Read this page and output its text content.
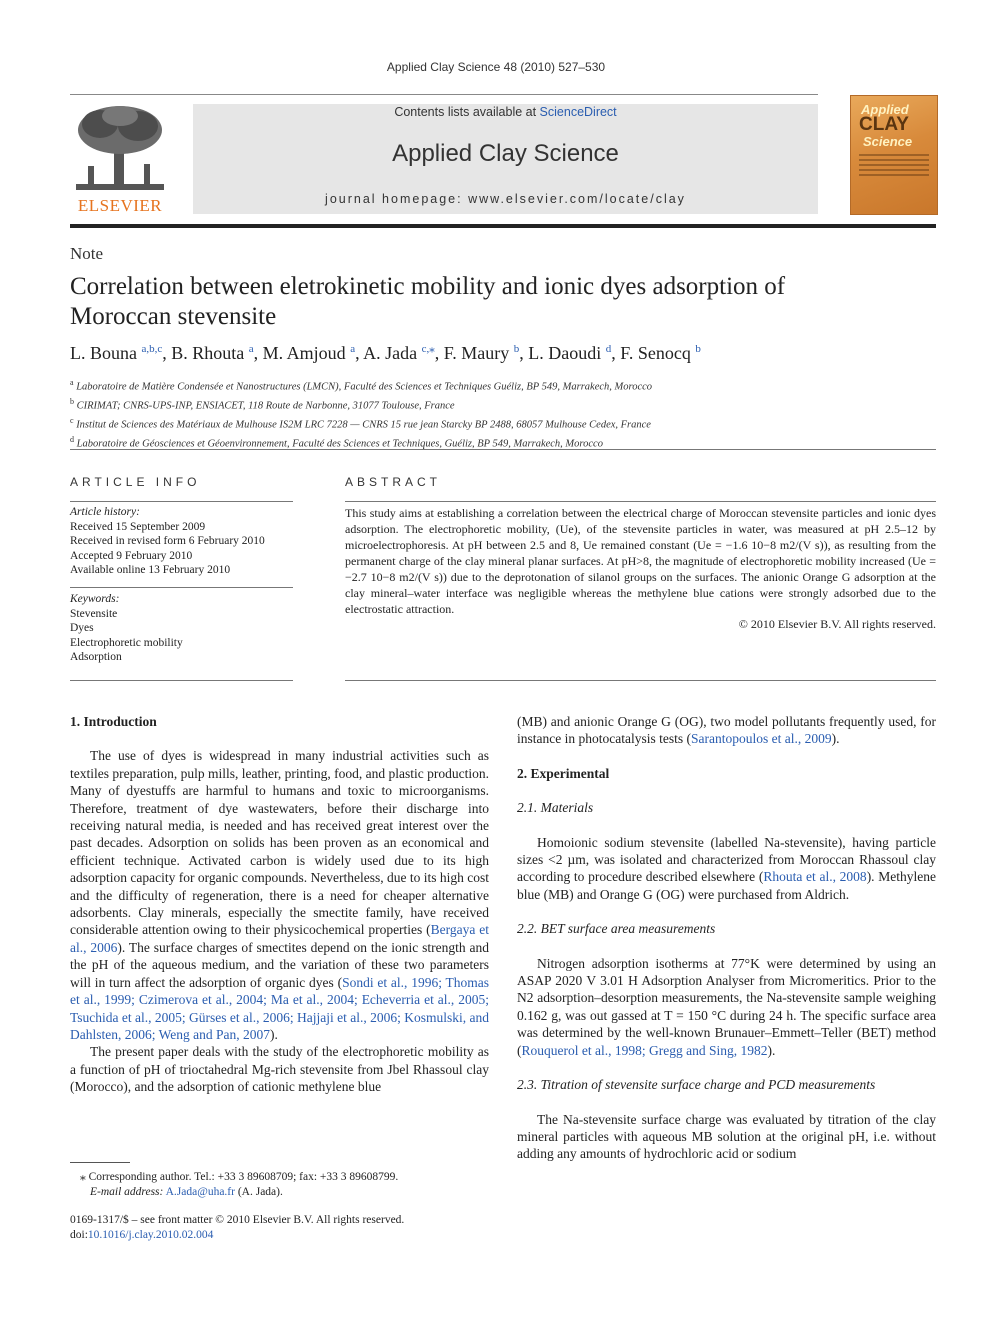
Applied Clay Science 48 (2010) 527–530
ELSEVIER
Contents lists available at ScienceDirect
Applied Clay Science
journal homepage: www.elsevier.com/locate/clay
Applied
CLAY
Science
Note
Correlation between eletrokinetic mobility and ionic dyes adsorption of Moroccan stevensite
L. Bouna $^{a,b,c}$, B. Rhouta $^a$, M. Amjoud $^a$, A. Jada $^{c,⁎}$, F. Maury $^b$, L. Daoudi $^d$, F. Senocq $^b$
$^a$ Laboratoire de Matière Condensée et Nanostructures (LMCN), Faculté des Sciences et Techniques Guéliz, BP 549, Marrakech, Morocco
$^b$ CIRIMAT; CNRS-UPS-INP, ENSIACET, 118 Route de Narbonne, 31077 Toulouse, France
$^c$ Institut de Sciences des Matériaux de Mulhouse IS2M LRC 7228 — CNRS 15 rue jean Starcky BP 2488, 68057 Mulhouse Cedex, France
$^d$ Laboratoire de Géosciences et Géoenvironnement, Faculté des Sciences et Techniques, Guéliz, BP 549, Marrakech, Morocco
ARTICLE INFO
Article history:
Received 15 September 2009
Received in revised form 6 February 2010
Accepted 9 February 2010
Available online 13 February 2010
Keywords:
Stevensite
Dyes
Electrophoretic mobility
Adsorption
ABSTRACT
This study aims at establishing a correlation between the electrical charge of Moroccan stevensite particles and ionic dyes adsorption. The electrophoretic mobility, (Ue), of the stevensite particles in water, was measured at pH 2.5–12 by microelectrophoresis. At pH between 2.5 and 8, Ue remained constant (Ue = −1.6 10−8 m2/(V s)), as resulting from the permanent charge of the clay mineral planar surfaces. At pH>8, the magnitude of electrophoretic mobility increased (Ue = −2.7 10−8 m2/(V s)) due to the deprotonation of silanol groups on the surfaces. The anionic Orange G adsorption at the clay mineral–water interface was negligible whereas the methylene blue cations were strongly adsorbed due to the electrostatic attraction.
© 2010 Elsevier B.V. All rights reserved.
1. Introduction

The use of dyes is widespread in many industrial activities such as textiles preparation, pulp mills, leather, printing, food, and plastic production. Many of dyestuffs are harmful to humans and toxic to microorganisms. Therefore, treatment of dye wastewaters, before their discharge into receiving natural media, is needed and has received great interest over the past decades. Adsorption on solids has been proven as an economical and efficient technique. Activated carbon is widely used due to its high adsorption capacity for organic compounds. Nevertheless, due to its high cost and the difficulty of regeneration, there is a need for cheaper alternative adsorbents. Clay minerals, especially the smectite family, have received considerable attention owing to their physicochemical properties (Bergaya et al., 2006). The surface charges of smectites depend on the ionic strength and the pH of the aqueous medium, and the variation of these two parameters will in turn affect the adsorption of organic dyes (Sondi et al., 1996; Thomas et al., 1999; Czimerova et al., 2004; Ma et al., 2004; Echeverria et al., 2005; Tsuchida et al., 2005; Gürses et al., 2006; Hajjaji et al., 2006; Kosmulski, and Dahlsten, 2006; Weng and Pan, 2007).

The present paper deals with the study of the electrophoretic mobility as a function of pH of trioctahedral Mg-rich stevensite from Jbel Rhassoul clay (Morocco), and the adsorption of cationic methylene blue

(MB) and anionic Orange G (OG), two model pollutants frequently used, for instance in photocatalysis tests (Sarantopoulos et al., 2009).

2. Experimental
2.1. Materials

Homoionic sodium stevensite (labelled Na-stevensite), having particle sizes <2 µm, was isolated and characterized from Moroccan Rhassoul clay according to procedure described elsewhere (Rhouta et al., 2008). Methylene blue (MB) and Orange G (OG) were purchased from Aldrich.

2.2. BET surface area measurements

Nitrogen adsorption isotherms at 77°K were determined by using an ASAP 2020 V 3.01 H Adsorption Analyser from Micromeritics. Prior to the N2 adsorption–desorption measurements, the Na-stevensite sample weighing 0.162 g, was out gassed at T = 150 °C during 24 h. The specific surface area was determined by the well-known Brunauer–Emmett–Teller (BET) method (Rouquerol et al., 1998; Gregg and Sing, 1982).

2.3. Titration of stevensite surface charge and PCD measurements

The Na-stevensite surface charge was evaluated by titration of the clay mineral particles with aqueous MB solution at the original pH, i.e. without adding any amounts of hydrochloric acid or sodium

⁎ Corresponding author. Tel.: +33 3 89608709; fax: +33 3 89608799.
E-mail address: A.Jada@uha.fr (A. Jada).
0169-1317/$ – see front matter © 2010 Elsevier B.V. All rights reserved.
doi:10.1016/j.clay.2010.02.004
